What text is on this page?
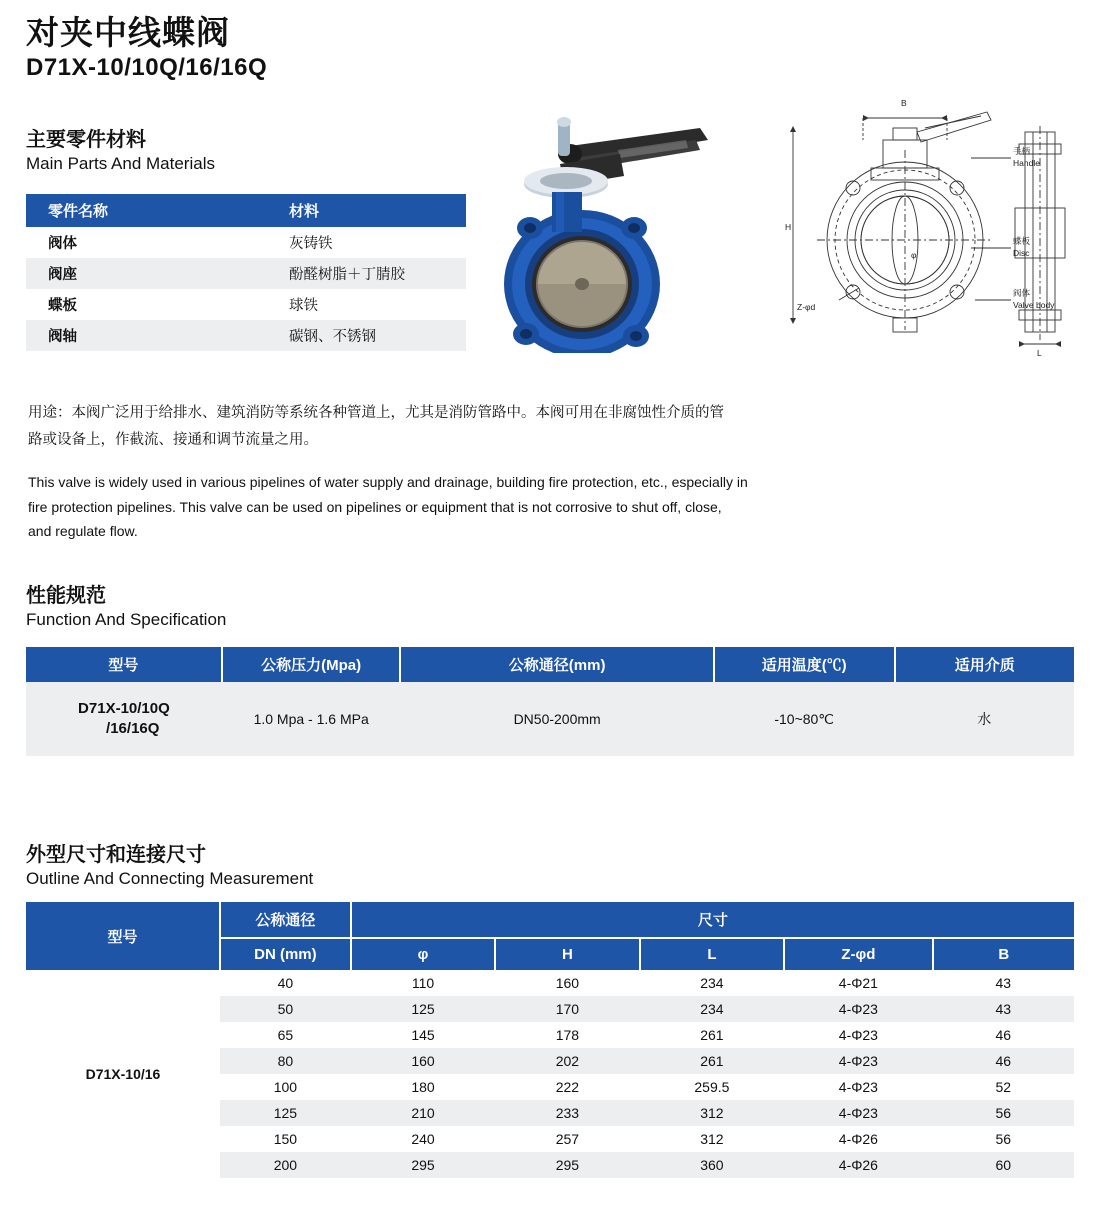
对夹中线蝶阀
D71X-10/10Q/16/16Q
主要零件材料
Main Parts And Materials
零件名称	材料
阀体	灰铸铁
阀座	酚醛树脂＋丁腈胶
蝶板	球铁
阀轴	碳钢、不锈钢
B
手柄
Handle
蝶板
Disc
阀体
Valve body
Z-φd
L
φ
H
用途：本阀广泛用于给排水、建筑消防等系统各种管道上，尤其是消防管路中。本阀可用在非腐蚀性介质的管路或设备上，作截流、接通和调节流量之用。
This valve is widely used in various pipelines of water supply and drainage, building fire protection, etc., especially in fire protection pipelines. This valve can be used on pipelines or equipment that is not corrosive to shut off, close, and regulate flow.
性能规范
Function And Specification
型号	公称压力(Mpa)	公称通径(mm)	适用温度(℃)	适用介质
D71X-10/10Q
/16/16Q	1.0 Mpa - 1.6 MPa	DN50-200mm	-10~80℃	水
外型尺寸和连接尺寸
Outline And Connecting Measurement
型号	公称通径	尺寸				
	DN (mm)	φ	H	L	Z-φd	B
D71X-10/16	40	110	160	234	4-Φ21	43
	50	125	170	234	4-Φ23	43
	65	145	178	261	4-Φ23	46
	80	160	202	261	4-Φ23	46
	100	180	222	259.5	4-Φ23	52
	125	210	233	312	4-Φ23	56
	150	240	257	312	4-Φ26	56
	200	295	295	360	4-Φ26	60
